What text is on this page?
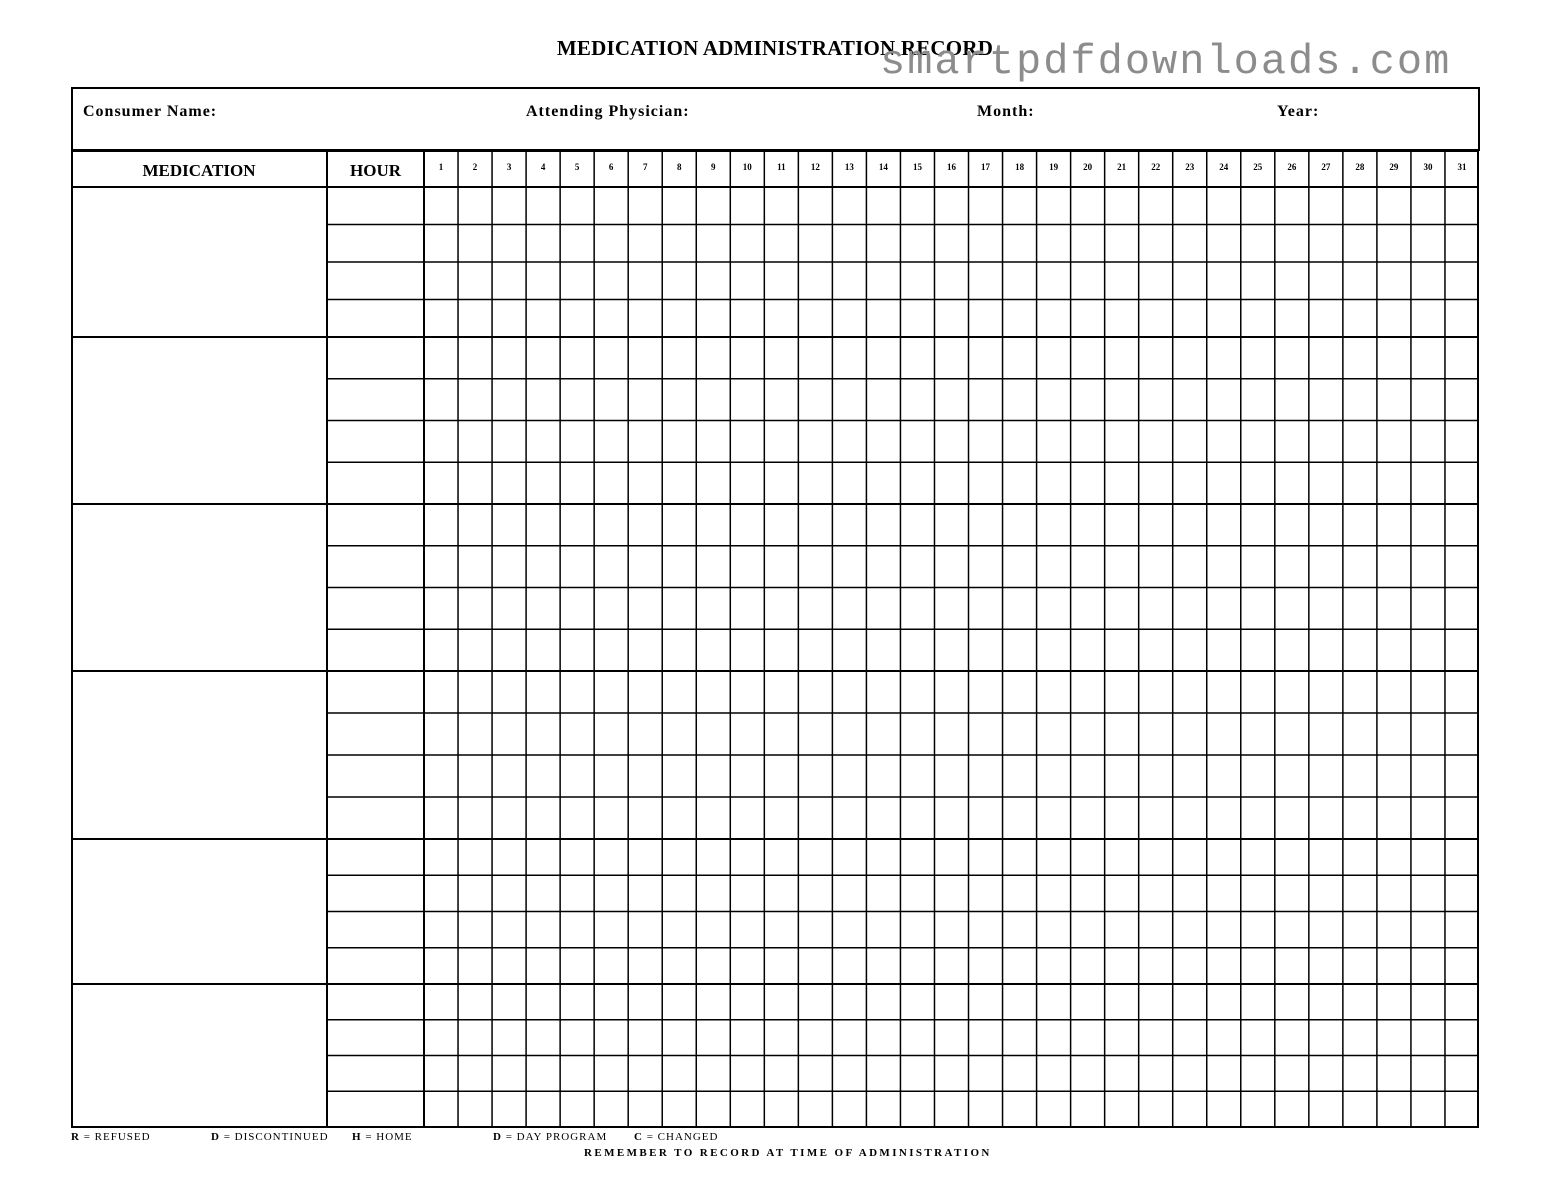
MEDICATION ADMINISTRATION RECORD
smartpdfdownloads.com
Consumer Name:	Attending Physician:	Month:	Year:
MEDICATION	HOUR	1	2	3	4	5	6	7	8	9	10	11	12	13	14	15	16	17	18	19	20	21	22	23	24	25	26	27	28	29	30	31
R = REFUSED	D = DISCONTINUED H = HOME	D = DAY PROGRAM C = CHANGED
REMEMBER TO RECORD AT TIME OF ADMINISTRATION
